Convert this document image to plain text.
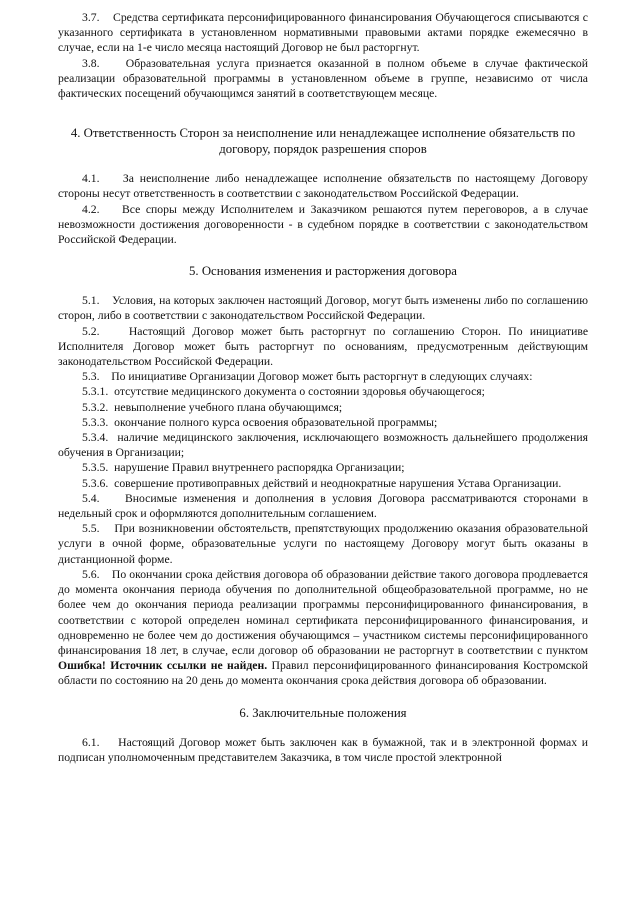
3.7. Средства сертификата персонифицированного финансирования Обучающегося списываются с указанного сертификата в установленном нормативными правовыми актами порядке ежемесячно в случае, если на 1-е число месяца настоящий Договор не был расторгнут.

3.8. Образовательная услуга признается оказанной в полном объеме в случае фактической реализации образовательной программы в установленном объеме в группе, независимо от числа фактических посещений обучающимся занятий в соответствующем месяце.

4. Ответственность Сторон за неисполнение или ненадлежащее исполнение обязательств по договору, порядок разрешения споров

4.1. За неисполнение либо ненадлежащее исполнение обязательств по настоящему Договору стороны несут ответственность в соответствии с законодательством Российской Федерации.

4.2. Все споры между Исполнителем и Заказчиком решаются путем переговоров, а в случае невозможности достижения договоренности - в судебном порядке в соответствии с законодательством Российской Федерации.

5. Основания изменения и расторжения договора

5.1. Условия, на которых заключен настоящий Договор, могут быть изменены либо по соглашению сторон, либо в соответствии с законодательством Российской Федерации.

5.2.	Настоящий Договор может быть расторгнут по соглашению Сторон. По инициативе Исполнителя Договор может быть расторгнут по основаниям, предусмотренным действующим законодательством Российской Федерации.

5.3. По инициативе Организации Договор может быть расторгнут в следующих случаях:

5.3.1. отсутствие медицинского документа о состоянии здоровья обучающегося;

5.3.2. невыполнение учебного плана обучающимся;

5.3.3. окончание полного курса освоения образовательной программы;

5.3.4. наличие медицинского заключения, исключающего возможность дальнейшего продолжения обучения в Организации;

5.3.5. нарушение Правил внутреннего распорядка Организации;

5.3.6. совершение противоправных действий и неоднократные нарушения Устава Организации.

5.4. Вносимые изменения и дополнения в условия Договора рассматриваются сторонами в недельный срок и оформляются дополнительным соглашением.

5.5. При возникновении обстоятельств, препятствующих продолжению оказания образовательной услуги в очной форме, образовательные услуги по настоящему Договору могут быть оказаны в дистанционной форме.

5.6. По окончании срока действия договора об образовании действие такого договора продлевается до момента окончания периода обучения по дополнительной общеобразовательной программе, но не более чем до окончания периода реализации программы персонифицированного финансирования, в соответствии с которой определен номинал сертификата персонифицированного финансирования, и одновременно не более чем до достижения обучающимся – участником системы персонифицированного финансирования 18 лет, в случае, если договор об образовании не расторгнут в соответствии с пунктом Ошибка! Источник ссылки не найден. Правил персонифицированного финансирования Костромской области по состоянию на 20 день до момента окончания срока действия договора об образовании.

6. Заключительные положения

6.1. Настоящий Договор может быть заключен как в бумажной, так и в электронной формах и подписан уполномоченным представителем Заказчика, в том числе простой электронной
